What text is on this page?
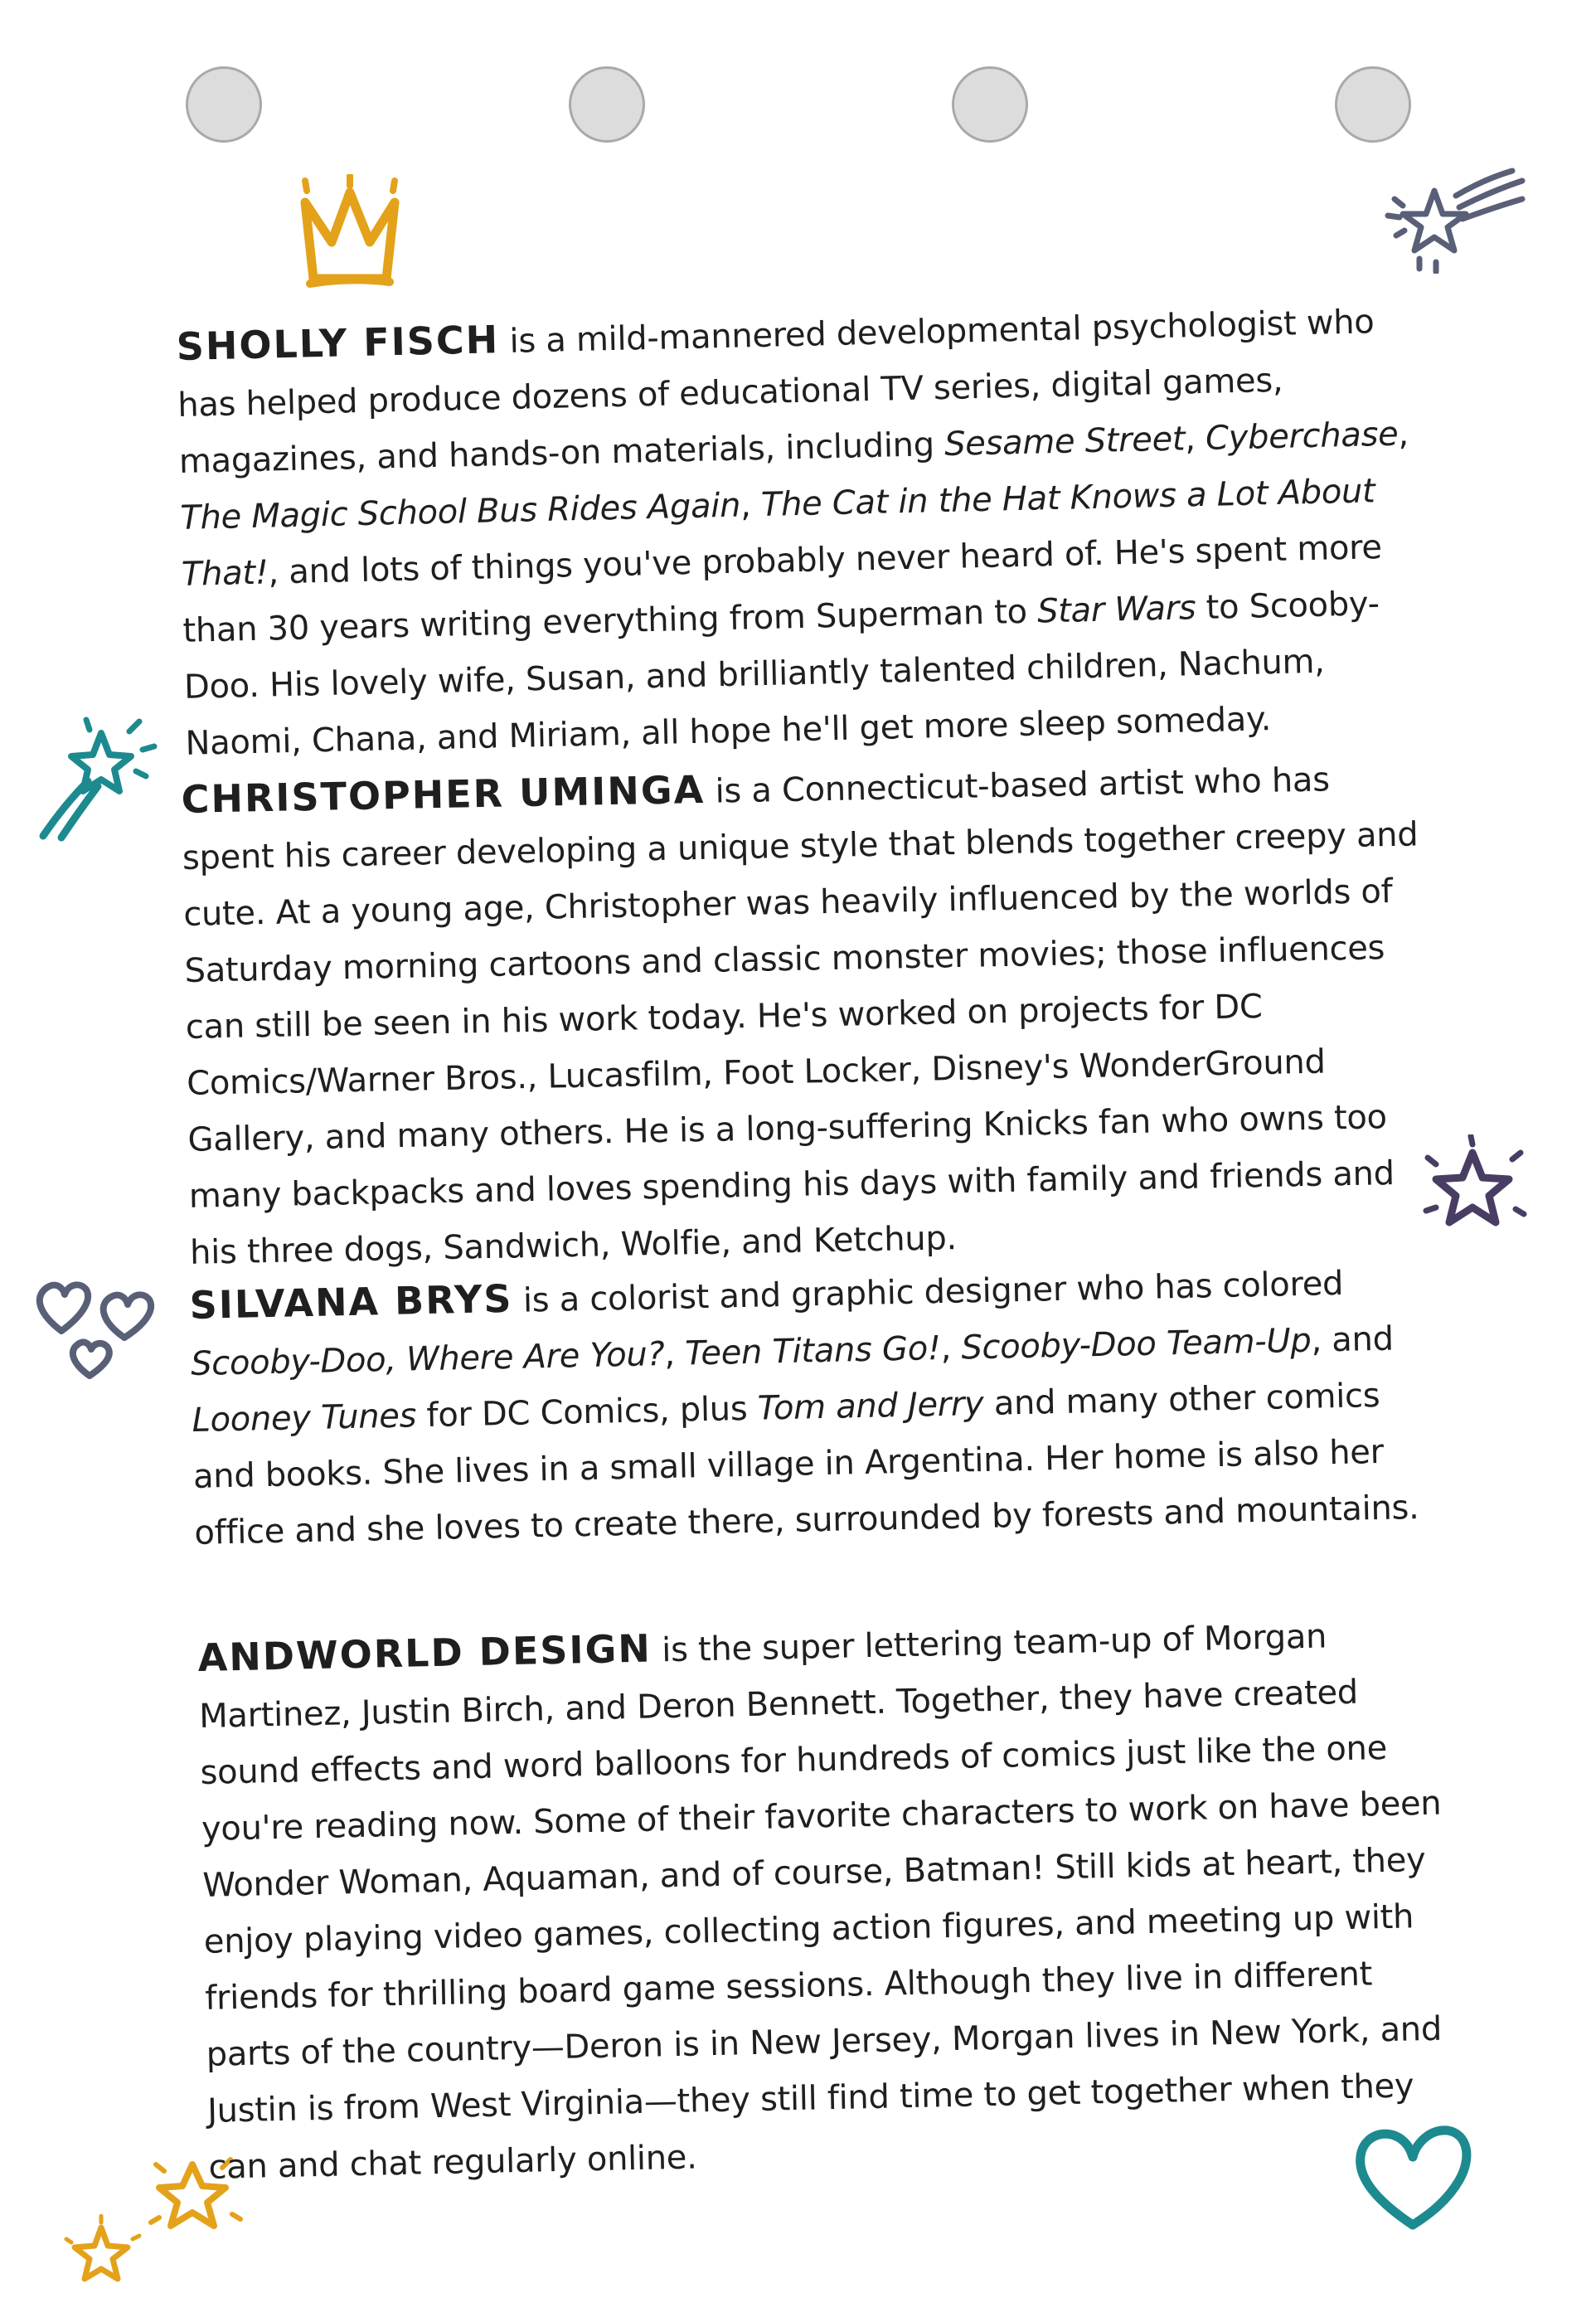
SHOLLY FISCH is a mild-mannered developmental psychologist who has helped produce dozens of educational TV series, digital games, magazines, and hands-on materials, including Sesame Street, Cyberchase, The Magic School Bus Rides Again, The Cat in the Hat Knows a Lot About That!, and lots of things you've probably never heard of. He's spent more than 30 years writing everything from Superman to Star Wars to Scooby-Doo. His lovely wife, Susan, and brilliantly talented children, Nachum, Naomi, Chana, and Miriam, all hope he'll get more sleep someday.

CHRISTOPHER UMINGA is a Connecticut-based artist who has spent his career developing a unique style that blends together creepy and cute. At a young age, Christopher was heavily influenced by the worlds of Saturday morning cartoons and classic monster movies; those influences can still be seen in his work today. He's worked on projects for DC Comics/Warner Bros., Lucasfilm, Foot Locker, Disney's WonderGround Gallery, and many others. He is a long-suffering Knicks fan who owns too many backpacks and loves spending his days with family and friends and his three dogs, Sandwich, Wolfie, and Ketchup.

SILVANA BRYS is a colorist and graphic designer who has colored Scooby-Doo, Where Are You?, Teen Titans Go!, Scooby-Doo Team-Up, and Looney Tunes for DC Comics, plus Tom and Jerry and many other comics and books. She lives in a small village in Argentina. Her home is also her office and she loves to create there, surrounded by forests and mountains.

ANDWORLD DESIGN is the super lettering team-up of Morgan Martinez, Justin Birch, and Deron Bennett. Together, they have created sound effects and word balloons for hundreds of comics just like the one you're reading now. Some of their favorite characters to work on have been Wonder Woman, Aquaman, and of course, Batman! Still kids at heart, they enjoy playing video games, collecting action figures, and meeting up with friends for thrilling board game sessions. Although they live in different parts of the country—Deron is in New Jersey, Morgan lives in New York, and Justin is from West Virginia—they still find time to get together when they can and chat regularly online.
